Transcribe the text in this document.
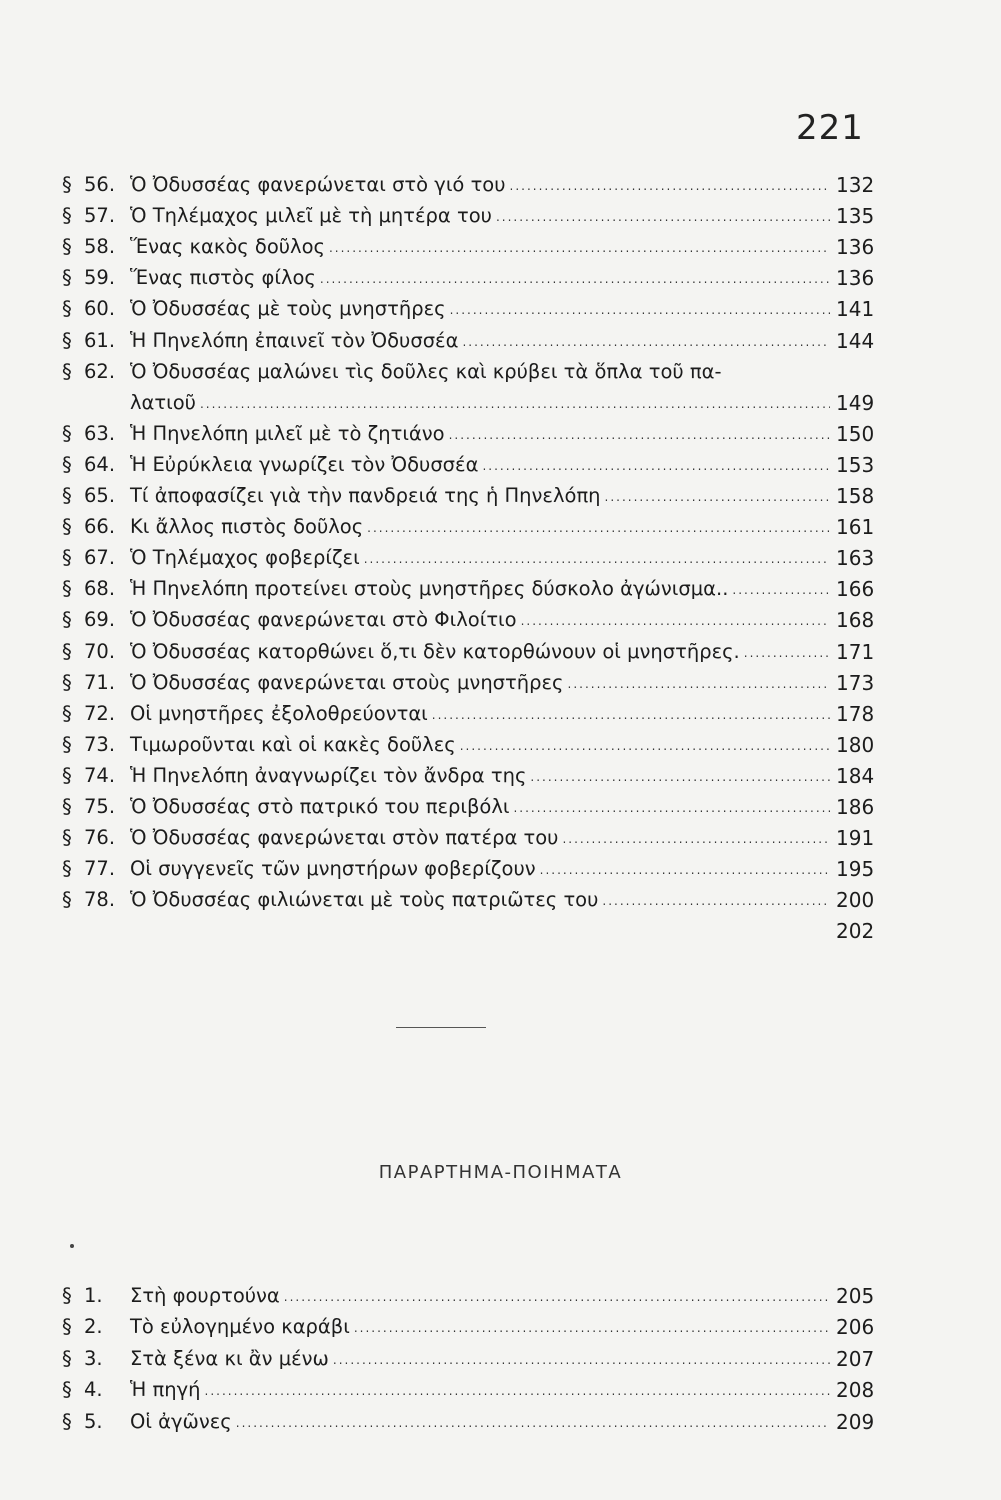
221
§ 56. Ὁ Ὀδυσσέας φανερώνεται στὸ γιό του .....	132
§ 57. Ὁ Τηλέμαχος μιλεῖ μὲ τὴ μητέρα του .....	135
§ 58. Ἕνας κακὸς δοῦλος .....	136
§ 59. Ἕνας πιστὸς φίλος .....	136
§ 60. Ὁ Ὀδυσσέας μὲ τοὺς μνηστῆρες .....	141
§ 61. Ἡ Πηνελόπη ἐπαινεῖ τὸν Ὀδυσσέα .....	144
§ 62. Ὁ Ὀδυσσέας μαλώνει τὶς δοῦλες καὶ κρύβει τὰ ὅπλα τοῦ πα-
λατιοῦ .....	149
§ 63. Ἡ Πηνελόπη μιλεῖ μὲ τὸ ζητιάνο .....	150
§ 64. Ἡ Εὐρύκλεια γνωρίζει τὸν Ὀδυσσέα .....	153
§ 65. Τί ἀποφασίζει γιὰ τὴν πανδρειά της ἡ Πηνελόπη .....	158
§ 66. Κι ἄλλος πιστὸς δοῦλος .....	161
§ 67. Ὁ Τηλέμαχος φοβερίζει .....	163
§ 68. Ἡ Πηνελόπη προτείνει στοὺς μνηστῆρες δύσκολο ἀγώνισμα.. .....	166
§ 69. Ὁ Ὀδυσσέας φανερώνεται στὸ Φιλοίτιο .....	168
§ 70. Ὁ Ὀδυσσέας κατορθώνει ὅ,τι δὲν κατορθώνουν οἱ μνηστῆρες. .....	171
§ 71. Ὁ Ὀδυσσέας φανερώνεται στοὺς μνηστῆρες .....	173
§ 72. Οἱ μνηστῆρες ἐξολοθρεύονται .....	178
§ 73. Τιμωροῦνται καὶ οἱ κακὲς δοῦλες .....	180
§ 74. Ἡ Πηνελόπη ἀναγνωρίζει τὸν ἄνδρα της .....	184
§ 75. Ὁ Ὀδυσσέας στὸ πατρικό του περιβόλι .....	186
§ 76. Ὁ Ὀδυσσέας φανερώνεται στὸν πατέρα του .....	191
§ 77. Οἱ συγγενεῖς τῶν μνηστήρων φοβερίζουν .....	195
§ 78. Ὁ Ὀδυσσέας φιλιώνεται μὲ τοὺς πατριῶτες του .....	200
202
ΠΑΡΑΡΤΗΜΑ-ΠΟΙΗΜΑΤΑ
§ 1.	Στὴ φουρτούνα .....	205
§ 2.	Τὸ εὐλογημένο καράβι .....	206
§ 3.	Στὰ ξένα κι ἂν μένω .....	207
§ 4.	Ἡ πηγή .....	208
§ 5.	Οἱ ἀγῶνες .....	209
